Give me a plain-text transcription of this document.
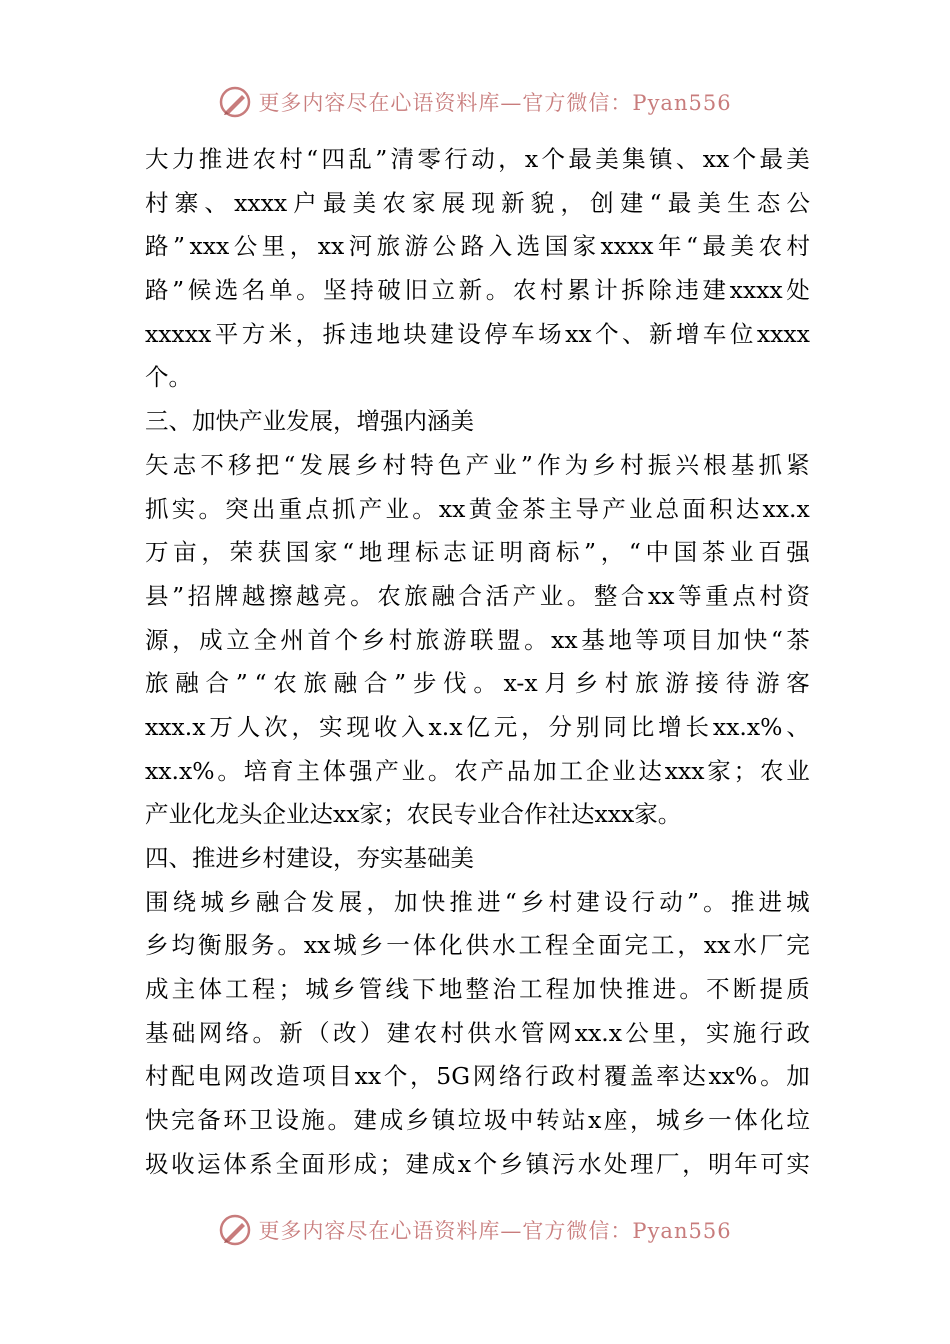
更多内容尽在心语资料库—官方微信：Pyan556
大 力 推 进 农 村 “ 四 乱 ” 清 零 行 动 ， x 个 最 美 集 镇 、 xx 个 最 美
村 寨 、 xxxx 户 最 美 农 家 展 现 新 貌 ， 创 建 “ 最 美 生 态 公
路 ” xxx 公 里 ， xx 河 旅 游 公 路 入 选 国 家 xxxx 年 “ 最 美 农 村
路 ” 候 选 名 单 。 坚 持 破 旧 立 新 。 农 村 累 计 拆 除 违 建 xxxx 处
xxxxx 平 方 米 ， 拆 违 地 块 建 设 停 车 场 xx 个 、 新 增 车 位 xxxx
个。
三、加快产业发展，增强内涵美
矢 志 不 移 把 “ 发 展 乡 村 特 色 产 业 ” 作 为 乡 村 振 兴 根 基 抓 紧
抓 实 。 突 出 重 点 抓 产 业 。 xx 黄 金 茶 主 导 产 业 总 面 积 达 xx.x
万 亩 ， 荣 获 国 家 “ 地 理 标 志 证 明 商 标 ” ， “ 中 国 茶 业 百 强
县 ” 招 牌 越 擦 越 亮 。 农 旅 融 合 活 产 业 。 整 合 xx 等 重 点 村 资
源 ， 成 立 全 州 首 个 乡 村 旅 游 联 盟 。 xx 基 地 等 项 目 加 快 “ 茶
旅 融 合 ” “ 农 旅 融 合 ” 步 伐 。 x-x 月 乡 村 旅 游 接 待 游 客
xxx.x 万 人 次 ， 实 现 收 入 x.x 亿 元 ， 分 别 同 比 增 长 xx.x% 、
xx.x% 。 培 育 主 体 强 产 业 。 农 产 品 加 工 企 业 达 xxx 家 ； 农 业
产业化龙头企业达xx家；农民专业合作社达xxx家。
四、推进乡村建设，夯实基础美
围 绕 城 乡 融 合 发 展 ， 加 快 推 进 “ 乡 村 建 设 行 动 ” 。 推 进 城
乡 均 衡 服 务 。 xx 城 乡 一 体 化 供 水 工 程 全 面 完 工 ， xx 水 厂 完
成 主 体 工 程 ； 城 乡 管 线 下 地 整 治 工 程 加 快 推 进 。 不 断 提 质
基 础 网 络 。 新 （ 改 ） 建 农 村 供 水 管 网 xx.x 公 里 ， 实 施 行 政
村 配 电 网 改 造 项 目 xx 个 ， 5G 网 络 行 政 村 覆 盖 率 达 xx% 。 加
快 完 备 环 卫 设 施 。 建 成 乡 镇 垃 圾 中 转 站 x 座 ， 城 乡 一 体 化 垃
圾 收 运 体 系 全 面 形 成 ； 建 成 x 个 乡 镇 污 水 处 理 厂 ， 明 年 可 实
更多内容尽在心语资料库—官方微信：Pyan556
